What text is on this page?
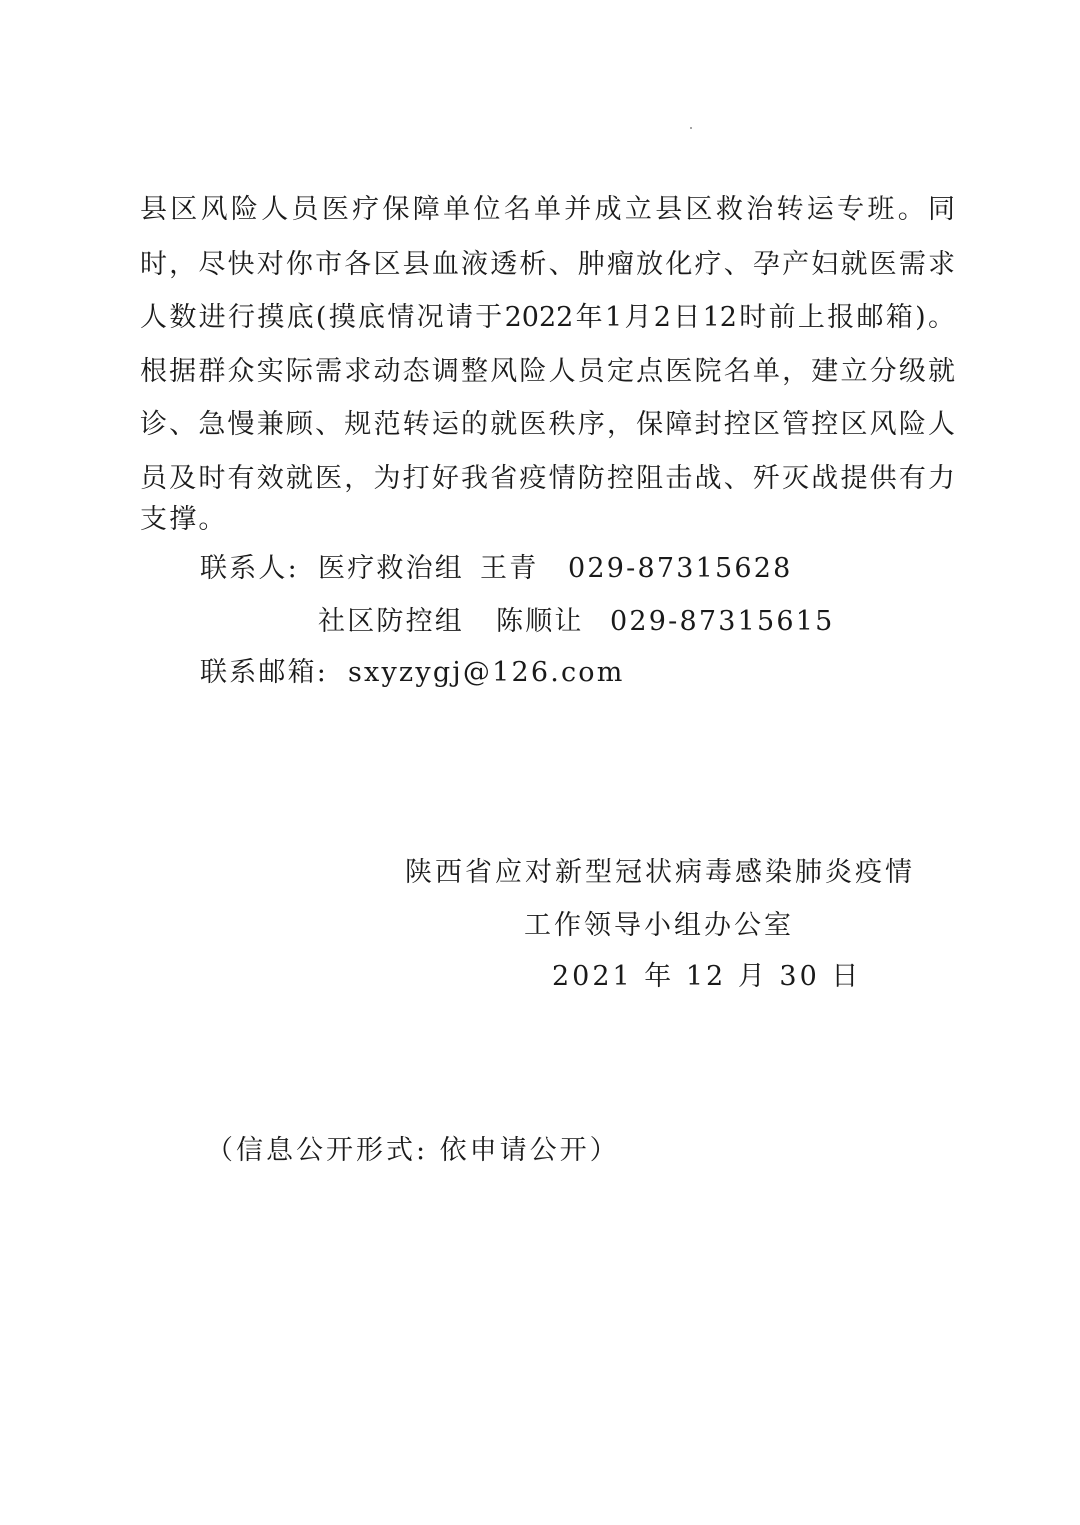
县区风险人员医疗保障单位名单并成立县区救治转运专班。同
时，尽快对你市各区县血液透析、肿瘤放化疗、孕产妇就医需求
人数进行摸底(摸底情况请于2022年1月2日12时前上报邮箱)。
根据群众实际需求动态调整风险人员定点医院名单，建立分级就
诊、急慢兼顾、规范转运的就医秩序，保障封控区管控区风险人
员及时有效就医，为打好我省疫情防控阻击战、歼灭战提供有力
支撑。
联系人: 医疗救治组 王青 029-87315628
社区防控组 陈顺让 029-87315615
联系邮箱: sxyzygj@126.com
陕西省应对新型冠状病毒感染肺炎疫情
工作领导小组办公室
2021 年 12 月 30 日
（信息公开形式: 依申请公开）
